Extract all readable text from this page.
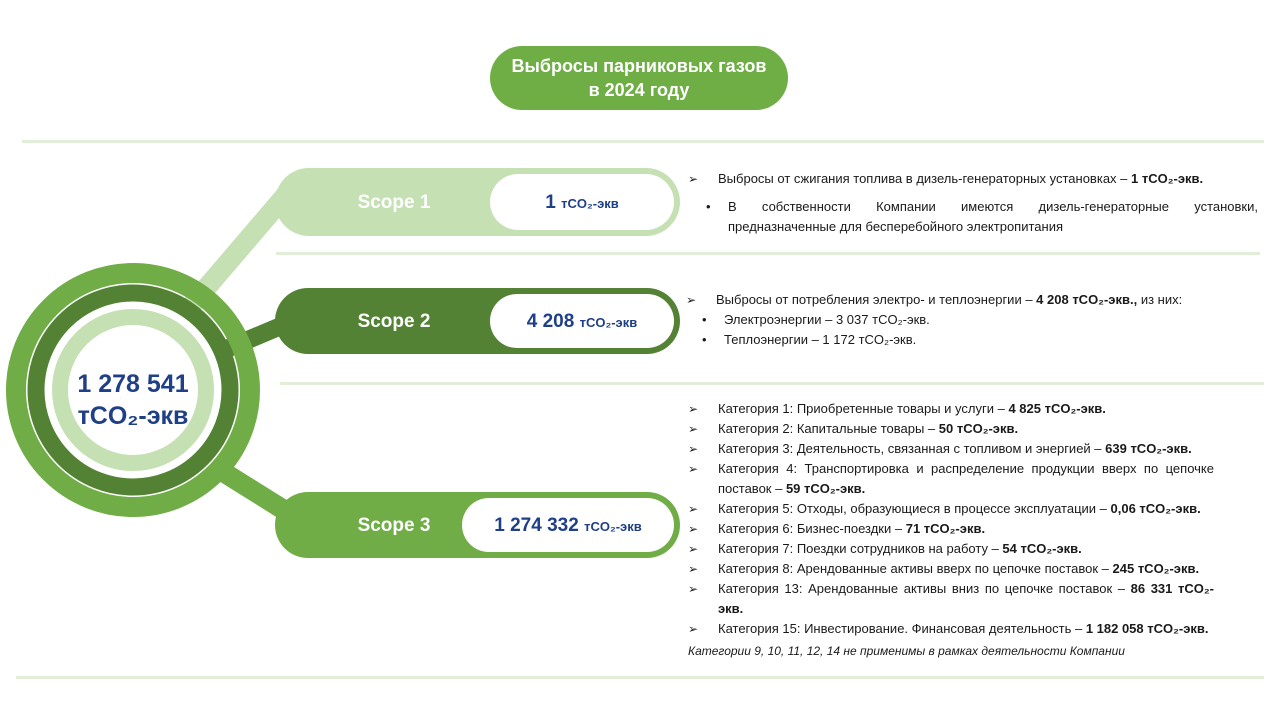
Выбросы парниковых газов
в 2024 году
1 278 541
тCO₂-экв
Scope 1	1 тCO₂-экв
Scope 2	4 208 тCO₂-экв
Scope 3	1 274 332 тCO₂-экв
➢	Выбросы от сжигания топлива в дизель-генераторных установках – 1 тCO₂-экв.
•	В собственности Компании имеются дизель-генераторные установки, предназначенные для бесперебойного электропитания
➢	Выбросы от потребления электро- и теплоэнергии – 4 208 тCO₂-экв., из них:
•	Электроэнергии – 3 037 тCO₂-экв.
•	Теплоэнергии – 1 172 тCO₂-экв.
➢	Категория 1: Приобретенные товары и услуги – 4 825 тCO₂-экв.
➢	Категория 2: Капитальные товары – 50 тCO₂-экв.
➢	Категория 3: Деятельность, связанная с топливом и энергией – 639 тCO₂-экв.
➢	Категория 4: Транспортировка и распределение продукции вверх по цепочке поставок – 59 тCO₂-экв.
➢	Категория 5: Отходы, образующиеся в процессе эксплуатации – 0,06 тCO₂-экв.
➢	Категория 6: Бизнес-поездки – 71 тCO₂-экв.
➢	Категория 7: Поездки сотрудников на работу – 54 тCO₂-экв.
➢	Категория 8: Арендованные активы вверх по цепочке поставок – 245 тCO₂-экв.
➢	Категория 13: Арендованные активы вниз по цепочке поставок – 86 331 тCO₂-экв.
➢	Категория 15: Инвестирование. Финансовая деятельность – 1 182 058 тCO₂-экв.
Категории 9, 10, 11, 12, 14 не применимы в рамках деятельности Компании
